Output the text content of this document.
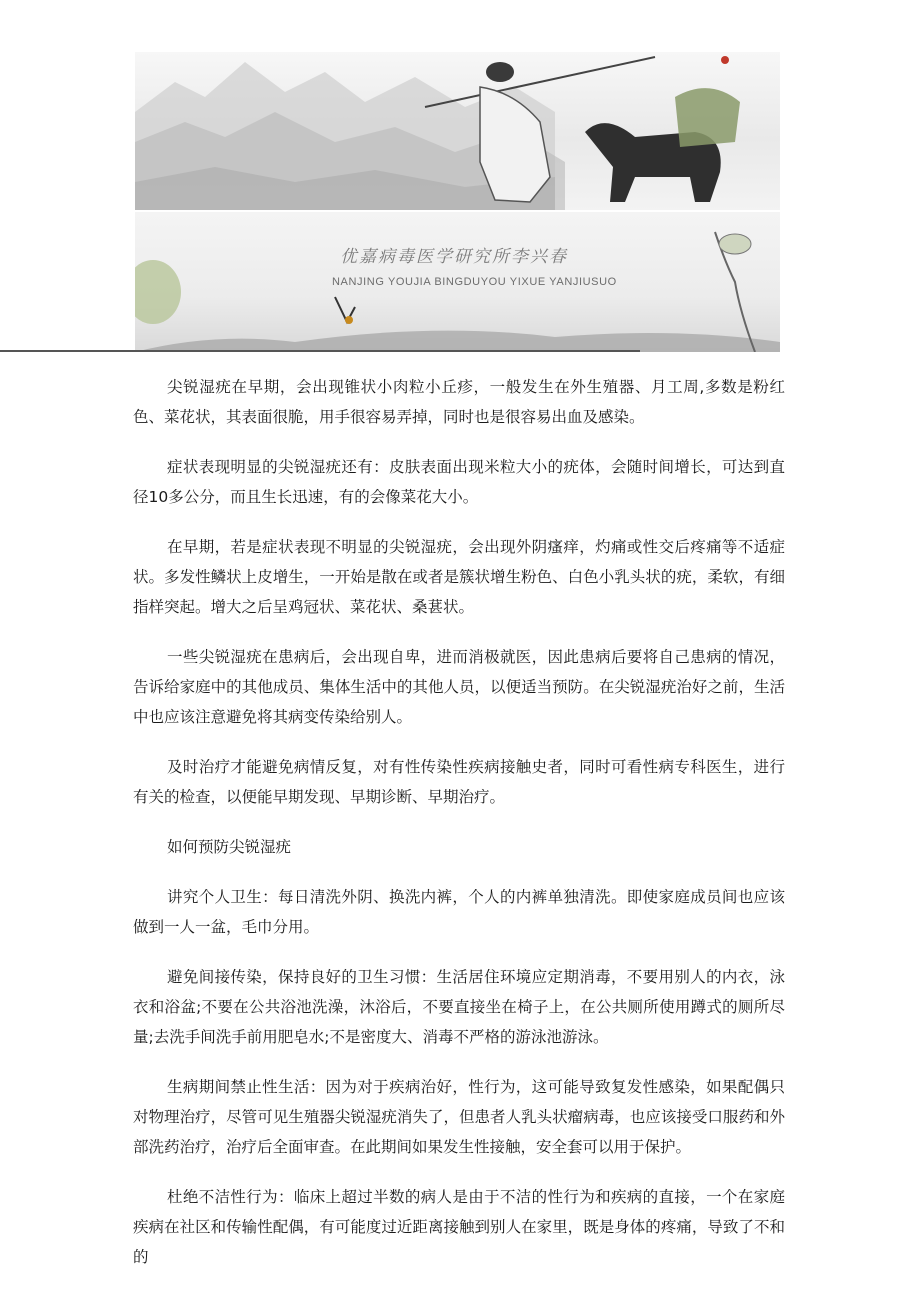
优嘉病毒医学研究所李兴春
NANJING YOUJIA BINGDUYOU YIXUE YANJIUSUO

尖锐湿疣在早期，会出现锥状小肉粒小丘疹，一般发生在外生殖器、月工周,多数是粉红色、菜花状，其表面很脆，用手很容易弄掉，同时也是很容易出血及感染。

症状表现明显的尖锐湿疣还有：皮肤表面出现米粒大小的疣体，会随时间增长，可达到直径10多公分，而且生长迅速，有的会像菜花大小。

在早期，若是症状表现不明显的尖锐湿疣，会出现外阴瘙痒，灼痛或性交后疼痛等不适症状。多发性鳞状上皮增生，一开始是散在或者是簇状增生粉色、白色小乳头状的疣，柔软，有细指样突起。增大之后呈鸡冠状、菜花状、桑葚状。

一些尖锐湿疣在患病后，会出现自卑，进而消极就医，因此患病后要将自己患病的情况，告诉给家庭中的其他成员、集体生活中的其他人员，以便适当预防。在尖锐湿疣治好之前，生活中也应该注意避免将其病变传染给别人。

及时治疗才能避免病情反复，对有性传染性疾病接触史者，同时可看性病专科医生，进行有关的检查，以便能早期发现、早期诊断、早期治疗。

如何预防尖锐湿疣

讲究个人卫生：每日清洗外阴、换洗内裤，个人的内裤单独清洗。即使家庭成员间也应该做到一人一盆，毛巾分用。

避免间接传染，保持良好的卫生习惯：生活居住环境应定期消毒，不要用别人的内衣，泳衣和浴盆;不要在公共浴池洗澡，沐浴后，不要直接坐在椅子上，在公共厕所使用蹲式的厕所尽量;去洗手间洗手前用肥皂水;不是密度大、消毒不严格的游泳池游泳。

生病期间禁止性生活：因为对于疾病治好，性行为，这可能导致复发性感染，如果配偶只对物理治疗，尽管可见生殖器尖锐湿疣消失了，但患者人乳头状瘤病毒，也应该接受口服药和外部洗药治疗，治疗后全面审查。在此期间如果发生性接触，安全套可以用于保护。

杜绝不洁性行为：临床上超过半数的病人是由于不洁的性行为和疾病的直接，一个在家庭疾病在社区和传输性配偶，有可能度过近距离接触到别人在家里，既是身体的疼痛，导致了不和的
